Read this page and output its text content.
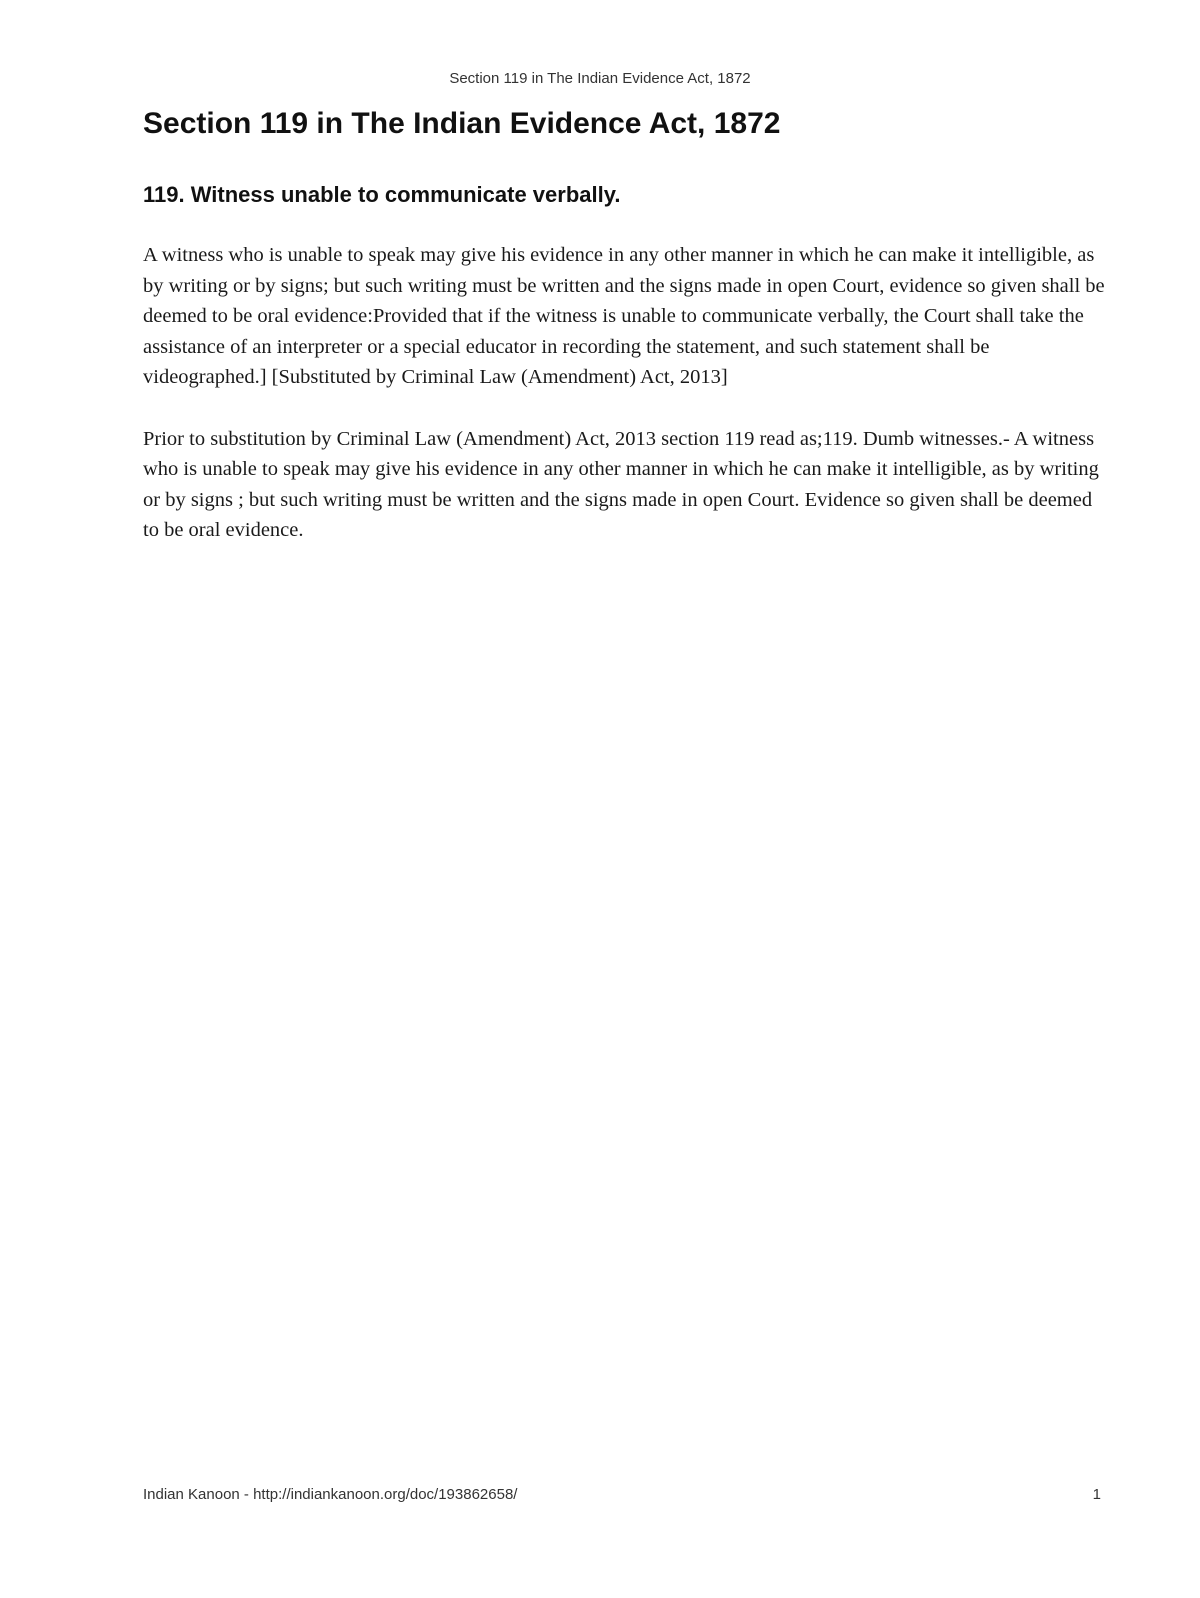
Section 119 in The Indian Evidence Act, 1872
Section 119 in The Indian Evidence Act, 1872
119. Witness unable to communicate verbally.

A witness who is unable to speak may give his evidence in any other manner in which he can make it intelligible, as by writing or by signs; but such writing must be written and the signs made in open Court, evidence so given shall be deemed to be oral evidence:Provided that if the witness is unable to communicate verbally, the Court shall take the assistance of an interpreter or a special educator in recording the statement, and such statement shall be videographed.] [Substituted by Criminal Law (Amendment) Act, 2013]

Prior to substitution by Criminal Law (Amendment) Act, 2013 section 119 read as;119. Dumb witnesses.- A witness who is unable to speak may give his evidence in any other manner in which he can make it intelligible, as by writing or by signs ; but such writing must be written and the signs made in open Court. Evidence so given shall be deemed to be oral evidence.

Indian Kanoon - http://indiankanoon.org/doc/193862658/	1
